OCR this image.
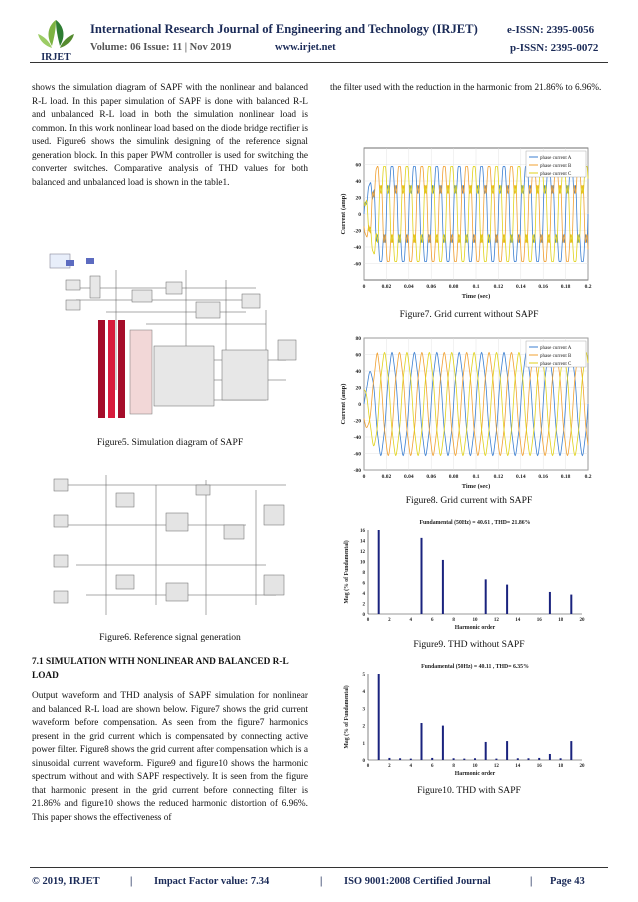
IRJET
International Research Journal of Engineering and Technology (IRJET)	e-ISSN: 2395-0056
Volume: 06 Issue: 11 | Nov 2019	www.irjet.net	p-ISSN: 2395-0072
shows the simulation diagram of SAPF with the nonlinear and balanced R-L load. In this paper simulation of SAPF is done with balanced R-L and unbalanced R-L load in both the simulation nonlinear load is common. In this work nonlinear load based on the diode bridge rectifier is used. Figure6 shows the simulink designing of the reference signal generation block. In this paper PWM controller is used for switching the converter switches. Comparative analysis of THD values for both balanced and unbalanced load is shown in the table1.
Figure5. Simulation diagram of SAPF
Figure6. Reference signal generation
7.1 SIMULATION WITH NONLINEAR AND BALANCED R-L LOAD
Output waveform and THD analysis of SAPF simulation for nonlinear and balanced R-L load are shown below. Figure7 shows the grid current waveform before compensation. As seen from the figure7 harmonics present in the grid current which is compensated by connecting active power filter. Figure8 shows the grid current after compensation which is a sinusoidal current waveform. Figure9 and figure10 shows the harmonic spectrum without and with SAPF respectively. It is seen from the figure that harmonic present in the grid current before connecting filter is 21.86% and figure10 shows the reduced harmonic distortion of 6.96%. This paper shows the effectiveness of
the filter used with the reduction in the harmonic from 21.86% to 6.96%.
0	0.02 0.04 0.06 0.08	0.1	0.12 0.14 0.16 0.18	0.2
60
40
20
0
-20
-40
-60
Time (sec)
Current (amp)
phase current A
phase current B
phase current C
Figure7. Grid current without SAPF
0	0.02 0.04 0.06 0.08	0.1	0.12 0.14 0.16 0.18	0.2
80
60
40
20
0
-20
-40
-60
-80
Time (sec)
Current (amp)
phase current A
phase current B
phase current C
Figure8. Grid current with SAPF
Fundamental (50Hz) = 40.61 , THD= 21.86%
0	2	4	6	8	10	12	14	16	18	20
16
14
12
10
8
6
4
2
0
Harmonic order
Mag (% of Fundamental)
Figure9. THD without SAPF
Fundamental (50Hz) = 40.11 , THD= 6.35%
0	2	4	6	8	10	12	14	16	18	20
5
4
3
2
1
0
Harmonic order
Mag (% of Fundamental)
Figure10. THD with SAPF
© 2019, IRJET	| Impact Factor value: 7.34	| ISO 9001:2008 Certified Journal	| Page 43
